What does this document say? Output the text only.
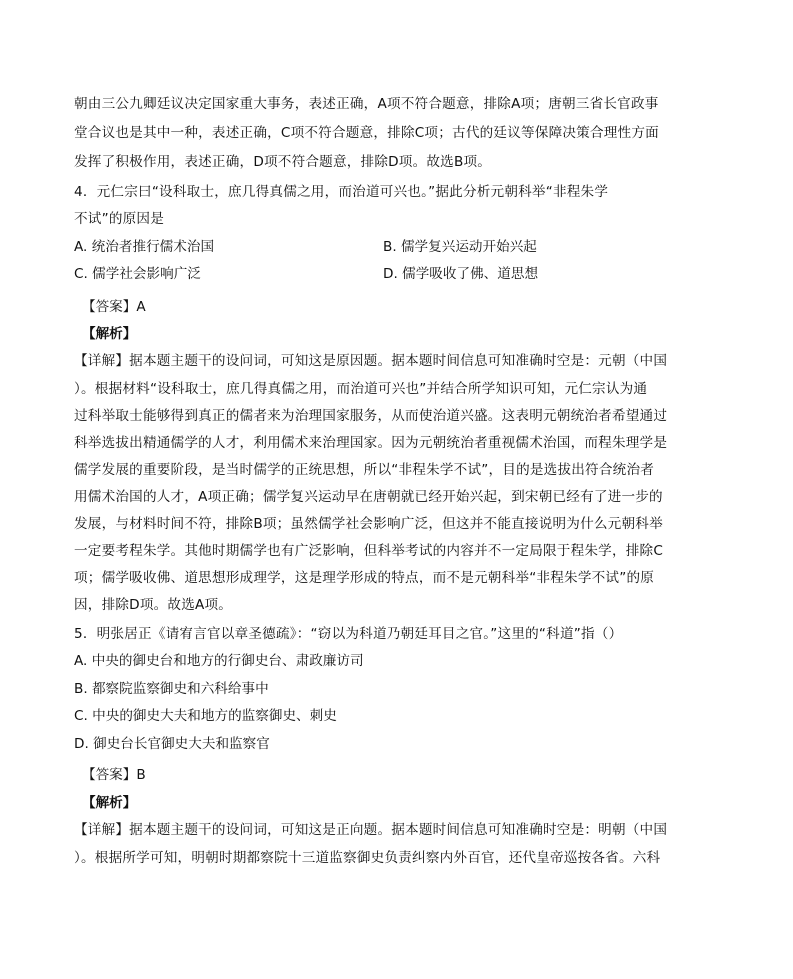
朝由三公九卿廷议决定国家重大事务，表述正确，A项不符合题意，排除A项；唐朝三省长官政事
堂合议也是其中一种，表述正确，C项不符合题意，排除C项；古代的廷议等保障决策合理性方面
发挥了积极作用，表述正确，D项不符合题意，排除D项。故选B项。
4．元仁宗曰“设科取士，庶几得真儒之用，而治道可兴也。”据此分析元朝科举“非程朱学
不试”的原因是
A. 统治者推行儒术治国	B. 儒学复兴运动开始兴起
C. 儒学社会影响广泛	D. 儒学吸收了佛、道思想
【答案】A
【解析】
【详解】据本题主题干的设问词，可知这是原因题。据本题时间信息可知准确时空是：元朝（中国
）。根据材料“设科取士，庶几得真儒之用，而治道可兴也”并结合所学知识可知，元仁宗认为通
过科举取士能够得到真正的儒者来为治理国家服务，从而使治道兴盛。这表明元朝统治者希望通过
科举选拔出精通儒学的人才，利用儒术来治理国家。因为元朝统治者重视儒术治国，而程朱理学是
儒学发展的重要阶段，是当时儒学的正统思想，所以“非程朱学不试”，目的是选拔出符合统治者
用儒术治国的人才，A项正确；儒学复兴运动早在唐朝就已经开始兴起，到宋朝已经有了进一步的
发展，与材料时间不符，排除B项；虽然儒学社会影响广泛，但这并不能直接说明为什么元朝科举
一定要考程朱学。其他时期儒学也有广泛影响，但科举考试的内容并不一定局限于程朱学，排除C
项；儒学吸收佛、道思想形成理学，这是理学形成的特点，而不是元朝科举“非程朱学不试”的原
因，排除D项。故选A项。
5．明张居正《请宥言官以章圣德疏》：“窃以为科道乃朝廷耳目之官。”这里的“科道”指（）
A. 中央的御史台和地方的行御史台、肃政廉访司
B. 都察院监察御史和六科给事中
C. 中央的御史大夫和地方的监察御史、刺史
D. 御史台长官御史大夫和监察官
【答案】B
【解析】
【详解】据本题主题干的设问词，可知这是正向题。据本题时间信息可知准确时空是：明朝（中国
）。根据所学可知，明朝时期都察院十三道监察御史负责纠察内外百官，还代皇帝巡按各省。六科
